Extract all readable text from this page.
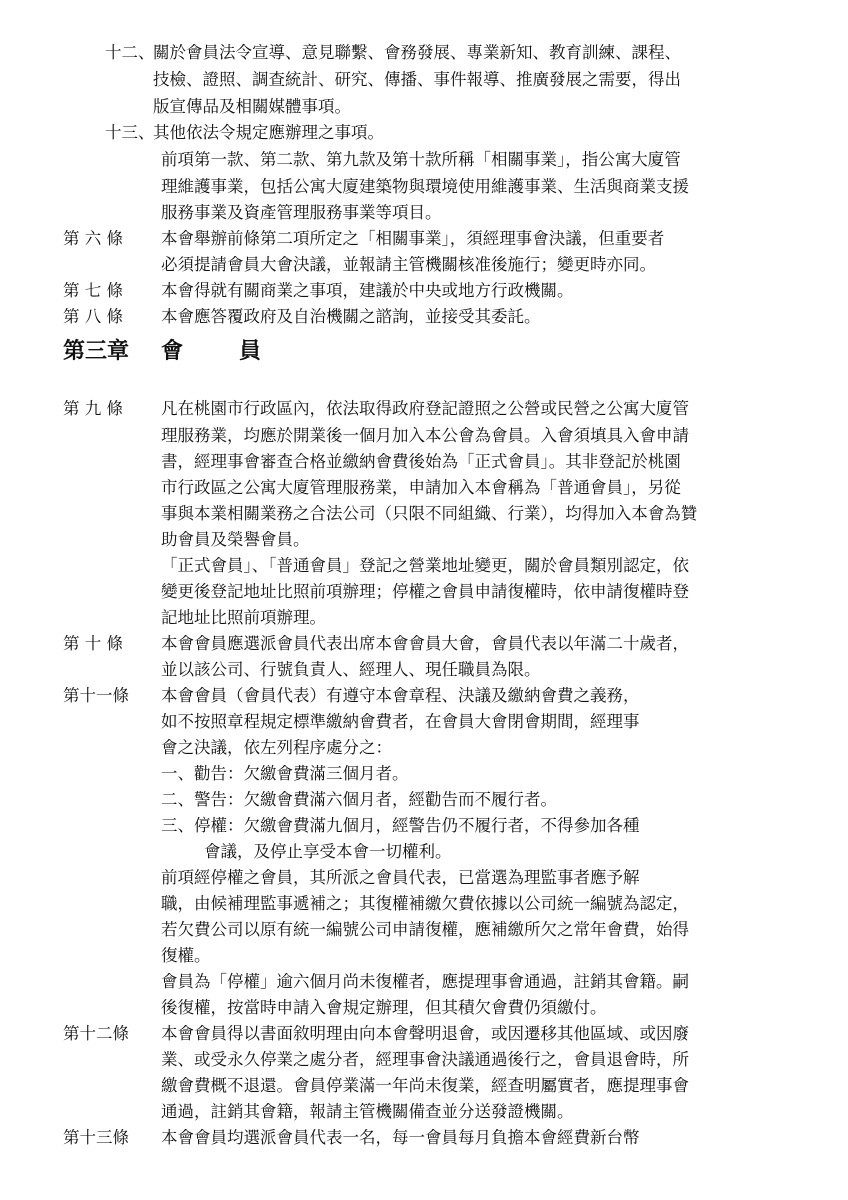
十二、
關於會員法令宣導、意見聯繫、會務發展、專業新知、教育訓練、課程、
技檢、證照、調查統計、研究、傳播、事件報導、推廣發展之需要，得出
版宣傳品及相關媒體事項。
十三、
其他依法令規定應辦理之事項。
前項第一款、第二款、第九款及第十款所稱「相關事業」，指公寓大廈管
理維護事業，包括公寓大廈建築物與環境使用維護事業、生活與商業支援
服務事業及資產管理服務事業等項目。
第 六 條 本會舉辦前條第二項所定之「相關事業」，須經理事會決議，但重要者
必須提請會員大會決議，並報請主管機關核准後施行；變更時亦同。
第 七 條 本會得就有關商業之事項，建議於中央或地方行政機關。
第 八 條 本會應答覆政府及自治機關之諮詢，並接受其委託。
第三章 會	員
第 九 條 凡在桃園市行政區內，依法取得政府登記證照之公營或民營之公寓大廈管
理服務業，均應於開業後一個月加入本公會為會員。入會須填具入會申請
書，經理事會審查合格並繳納會費後始為「正式會員」。其非登記於桃園
市行政區之公寓大廈管理服務業，申請加入本會稱為「普通會員」，另從
事與本業相關業務之合法公司（只限不同組織、行業），均得加入本會為贊
助會員及榮譽會員。
「正式會員」、「普通會員」登記之營業地址變更，關於會員類別認定，依
變更後登記地址比照前項辦理；停權之會員申請復權時，依申請復權時登
記地址比照前項辦理。
第 十 條 本會會員應選派會員代表出席本會會員大會，會員代表以年滿二十歲者，
並以該公司、行號負責人、經理人、現任職員為限。
第十一條 本會會員（會員代表）有遵守本會章程、決議及繳納會費之義務，
如不按照章程規定標準繳納會費者，在會員大會閉會期間，經理事
會之決議，依左列程序處分之：
一、勸告：欠繳會費滿三個月者。
二、警告：欠繳會費滿六個月者，經勸告而不履行者。
三、停權：欠繳會費滿九個月，經警告仍不履行者，不得參加各種
會議，及停止享受本會一切權利。
前項經停權之會員，其所派之會員代表，已當選為理監事者應予解
職，由候補理監事遞補之；其復權補繳欠費依據以公司統一編號為認定，
若欠費公司以原有統一編號公司申請復權，應補繳所欠之常年會費，始得
復權。
會員為「停權」逾六個月尚未復權者，應提理事會通過，註銷其會籍。嗣
後復權，按當時申請入會規定辦理，但其積欠會費仍須繳付。
第十二條 本會會員得以書面敘明理由向本會聲明退會，或因遷移其他區域、或因廢
業、或受永久停業之處分者，經理事會決議通過後行之，會員退會時，所
繳會費概不退還。會員停業滿一年尚未復業，經查明屬實者，應提理事會
通過，註銷其會籍，報請主管機關備查並分送發證機關。
第十三條 本會會員均選派會員代表一名，每一會員每月負擔本會經費新台幣
